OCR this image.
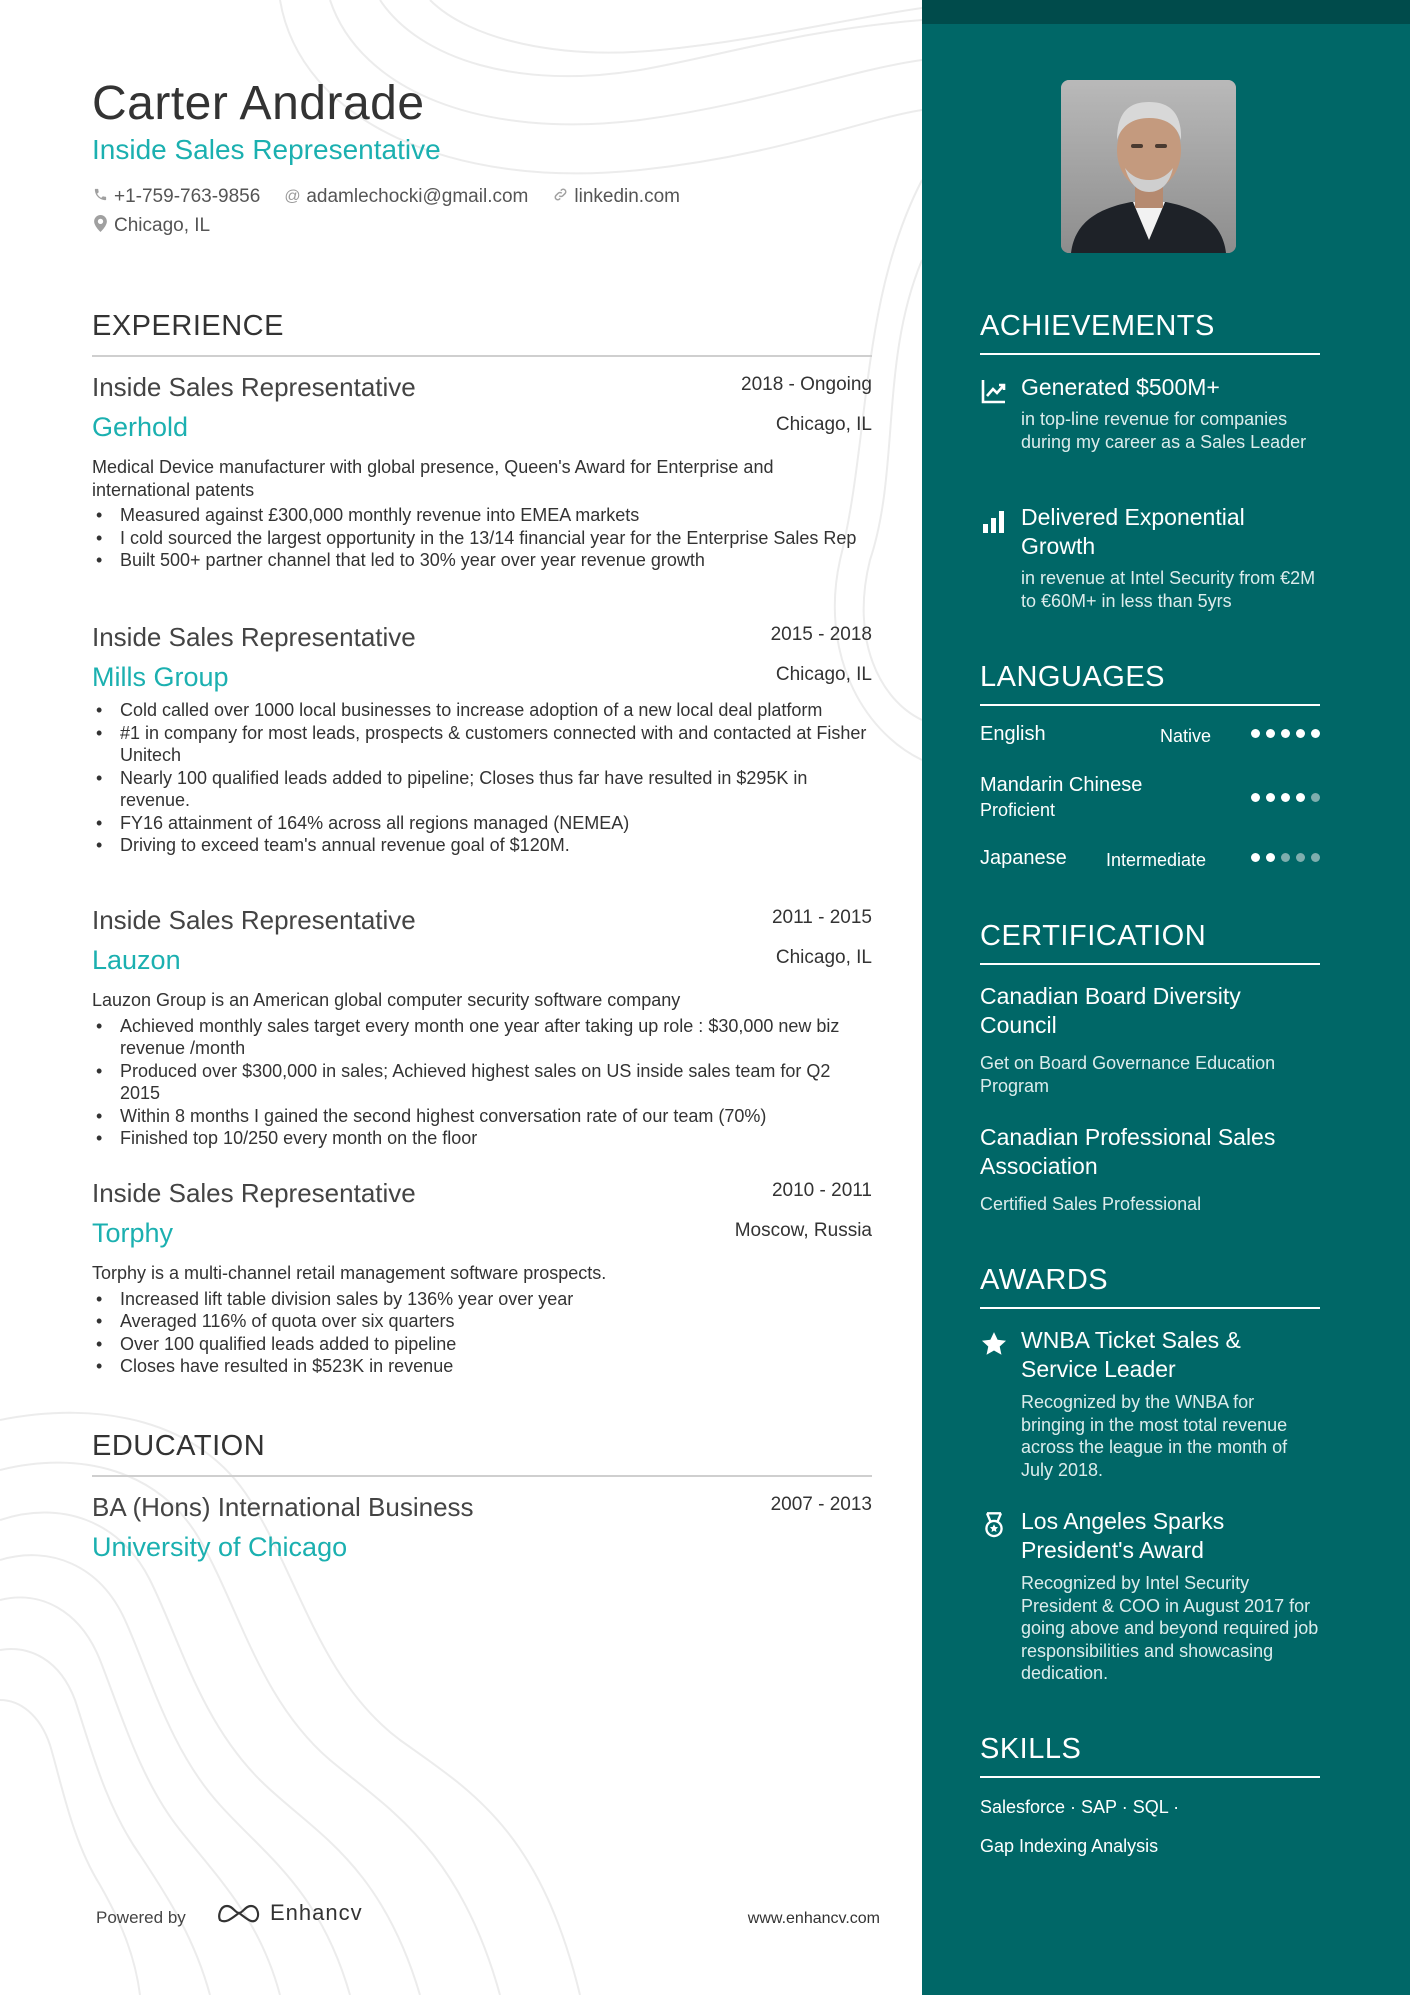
Carter Andrade
Inside Sales Representative
+1-759-763-9856 @ adamlechocki@gmail.com linkedin.com
Chicago, IL
EXPERIENCE
Inside Sales Representative	2018 - Ongoing
Gerhold	Chicago, IL

Medical Device manufacturer with global presence, Queen's Award for Enterprise and international patents

• Measured against £300,000 monthly revenue into EMEA markets
• I cold sourced the largest opportunity in the 13/14 financial year for the Enterprise Sales Rep
• Built 500+ partner channel that led to 30% year over year revenue growth
Inside Sales Representative	2015 - 2018
Mills Group	Chicago, IL
• Cold called over 1000 local businesses to increase adoption of a new local deal platform
• #1 in company for most leads, prospects & customers connected with and contacted at Fisher Unitech
• Nearly 100 qualified leads added to pipeline; Closes thus far have resulted in $295K in revenue.
• FY16 attainment of 164% across all regions managed (NEMEA)
• Driving to exceed team's annual revenue goal of $120M.
Inside Sales Representative	2011 - 2015
Lauzon	Chicago, IL

Lauzon Group is an American global computer security software company

• Achieved monthly sales target every month one year after taking up role : $30,000 new biz revenue /month
• Produced over $300,000 in sales; Achieved highest sales on US inside sales team for Q2 2015
• Within 8 months I gained the second highest conversation rate of our team (70%)
• Finished top 10/250 every month on the floor
Inside Sales Representative	2010 - 2011
Torphy	Moscow, Russia

Torphy is a multi-channel retail management software prospects.

• Increased lift table division sales by 136% year over year
• Averaged 116% of quota over six quarters
• Over 100 qualified leads added to pipeline
• Closes have resulted in $523K in revenue
EDUCATION
BA (Hons) International Business	2007 - 2013
University of Chicago
Powered by	Enhancv	www.enhancv.com
ACHIEVEMENTS
Generated $500M+
in top-line revenue for companies during my career as a Sales Leader
Delivered Exponential Growth
in revenue at Intel Security from €2M to €60M+ in less than 5yrs
LANGUAGES
English	Native
Mandarin Chinese
Proficient
Japanese Intermediate
CERTIFICATION
Canadian Board Diversity Council
Get on Board Governance Education Program
Canadian Professional Sales Association
Certified Sales Professional
AWARDS
WNBA Ticket Sales & Service Leader
Recognized by the WNBA for bringing in the most total revenue across the league in the month of July 2018.
Los Angeles Sparks President's Award
Recognized by Intel Security President & COO in August 2017 for going above and beyond required job responsibilities and showcasing dedication.
SKILLS
Salesforce · SAP · SQL ·
Gap Indexing Analysis
